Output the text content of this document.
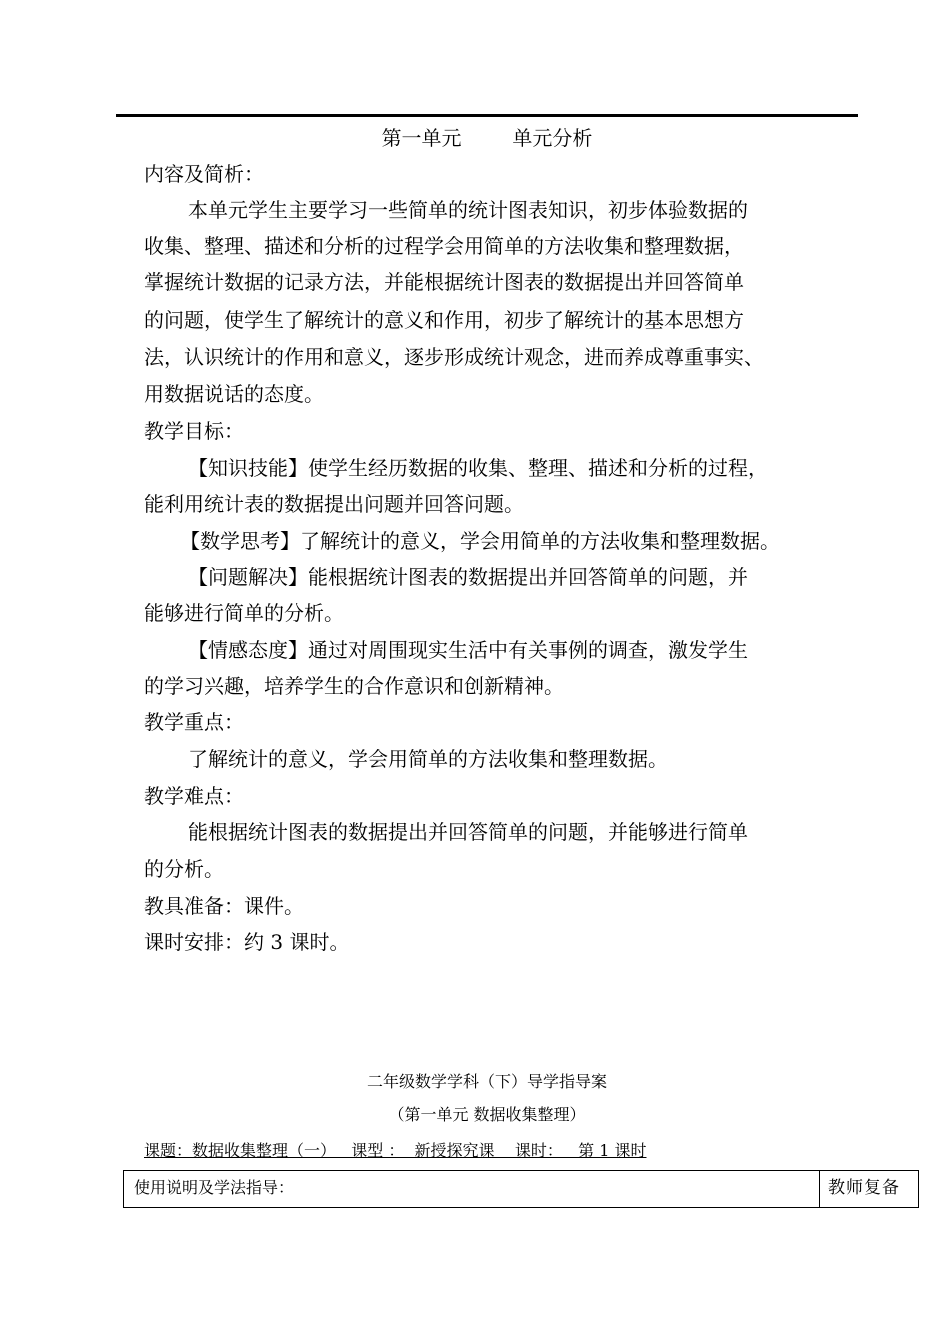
第一单元        单元分析
内容及简析：
本单元学生主要学习一些简单的统计图表知识，初步体验数据的
收集、整理、描述和分析的过程学会用简单的方法收集和整理数据，
掌握统计数据的记录方法，并能根据统计图表的数据提出并回答简单
的问题，使学生了解统计的意义和作用，初步了解统计的基本思想方
法，认识统计的作用和意义，逐步形成统计观念，进而养成尊重事实、
用数据说话的态度。
教学目标：
【知识技能】使学生经历数据的收集、整理、描述和分析的过程，
能利用统计表的数据提出问题并回答问题。
【数学思考】了解统计的意义，学会用简单的方法收集和整理数据。
【问题解决】能根据统计图表的数据提出并回答简单的问题，并
能够进行简单的分析。
【情感态度】通过对周围现实生活中有关事例的调查，激发学生
的学习兴趣，培养学生的合作意识和创新精神。
教学重点：
了解统计的意义，学会用简单的方法收集和整理数据。
教学难点：
能根据统计图表的数据提出并回答简单的问题，并能够进行简单
的分析。
教具准备：课件。
课时安排：约 3 课时。
二年级数学学科（下）导学指导案
（第一单元 数据收集整理）
课题：数据收集整理（一）   课型 ：  新授探究课    课时：   第 1 课时
使用说明及学法指导：	教师复备
